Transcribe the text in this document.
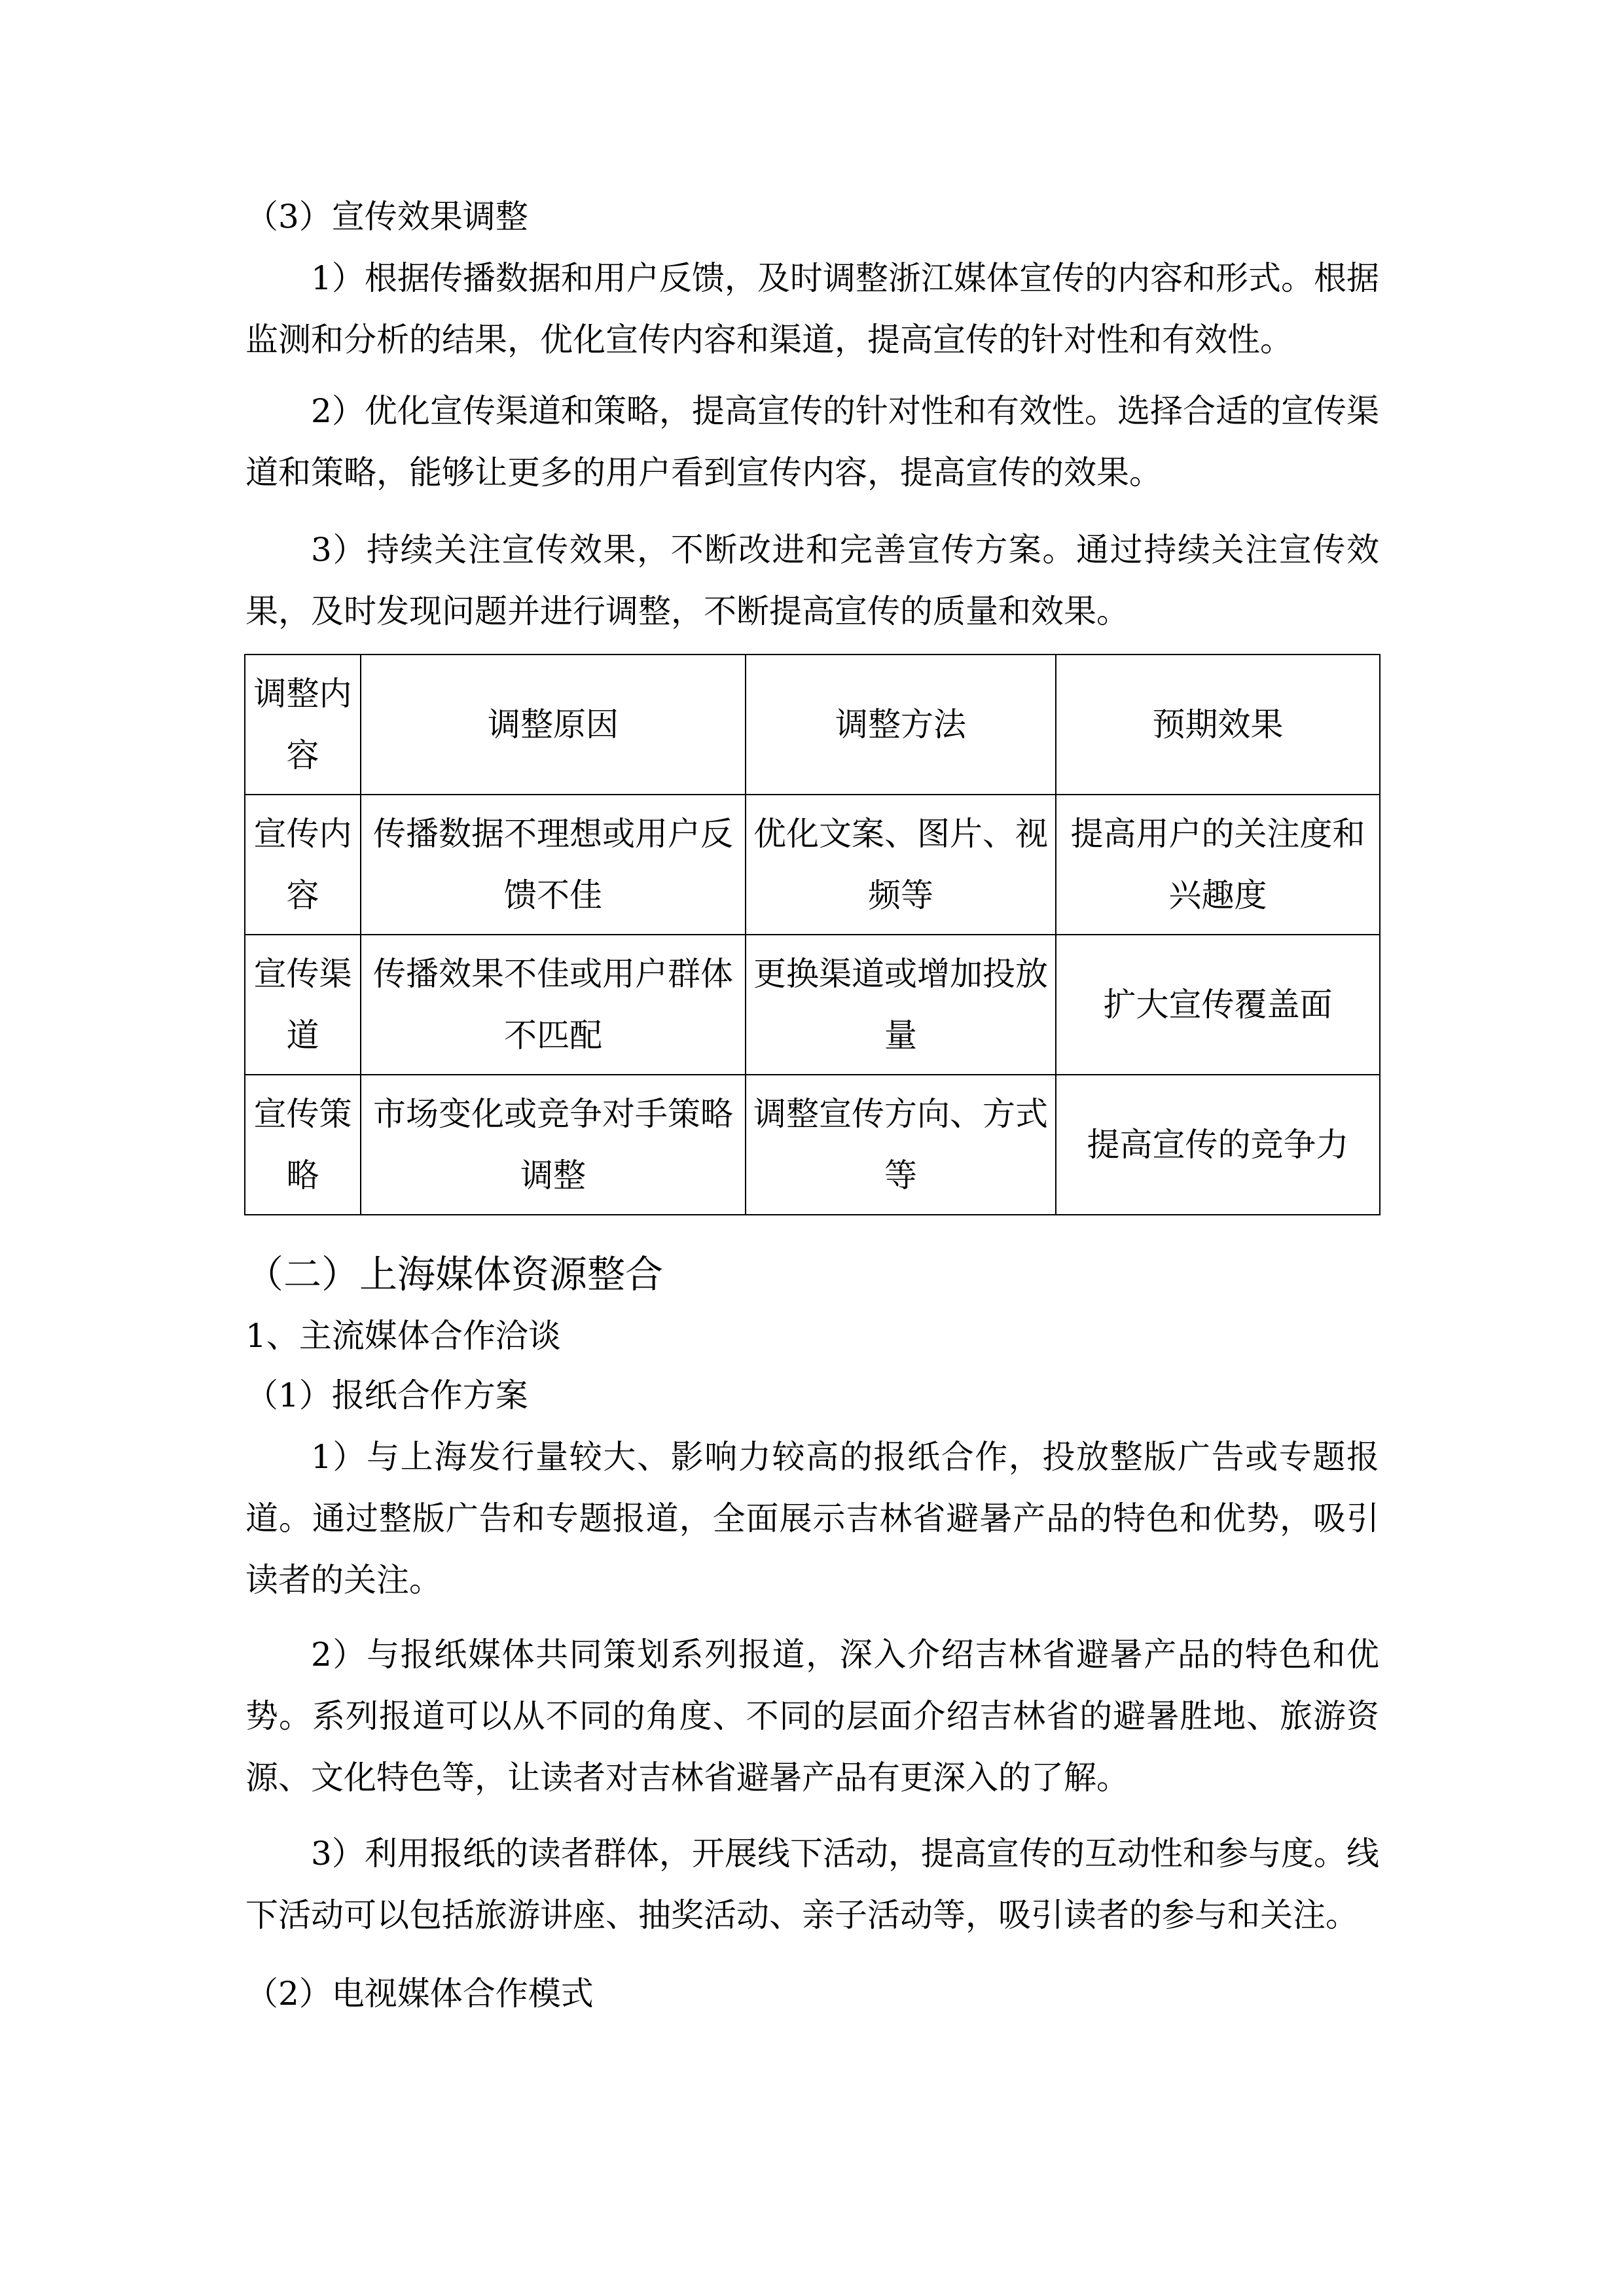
（3）宣传效果调整
1）根据传播数据和用户反馈，及时调整浙江媒体宣传的内容和形式。根据监测和分析的结果，优化宣传内容和渠道，提高宣传的针对性和有效性。
2）优化宣传渠道和策略，提高宣传的针对性和有效性。选择合适的宣传渠道和策略，能够让更多的用户看到宣传内容，提高宣传的效果。
3）持续关注宣传效果，不断改进和完善宣传方案。通过持续关注宣传效果，及时发现问题并进行调整，不断提高宣传的质量和效果。
调整内容	调整原因	调整方法	预期效果
宣传内容	传播数据不理想或用户反馈不佳	优化文案、图片、视频等	提高用户的关注度和兴趣度
宣传渠道	传播效果不佳或用户群体不匹配	更换渠道或增加投放量	扩大宣传覆盖面
宣传策略	市场变化或竞争对手策略调整	调整宣传方向、方式等	提高宣传的竞争力
（二）上海媒体资源整合
1、主流媒体合作洽谈
（1）报纸合作方案
1）与上海发行量较大、影响力较高的报纸合作，投放整版广告或专题报道。通过整版广告和专题报道，全面展示吉林省避暑产品的特色和优势，吸引读者的关注。
2）与报纸媒体共同策划系列报道，深入介绍吉林省避暑产品的特色和优势。系列报道可以从不同的角度、不同的层面介绍吉林省的避暑胜地、旅游资源、文化特色等，让读者对吉林省避暑产品有更深入的了解。
3）利用报纸的读者群体，开展线下活动，提高宣传的互动性和参与度。线下活动可以包括旅游讲座、抽奖活动、亲子活动等，吸引读者的参与和关注。
（2）电视媒体合作模式
